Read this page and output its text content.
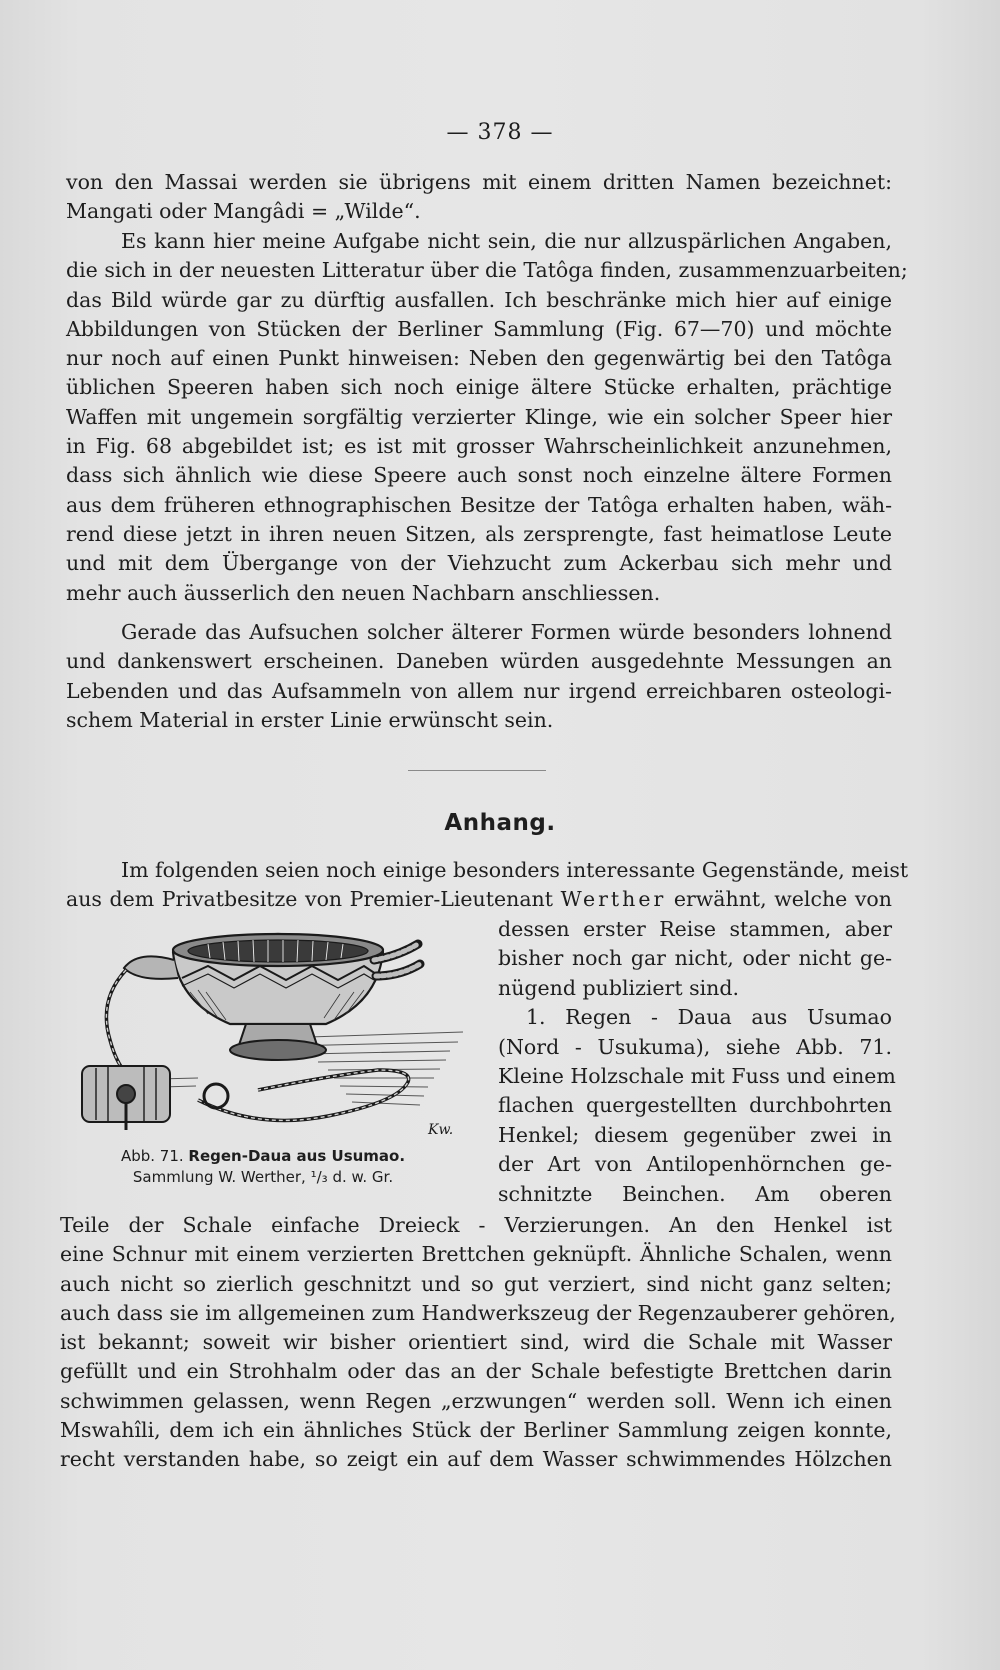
— 378 —
von den Massai werden sie übrigens mit einem dritten Namen bezeichnet:
Mangati oder Mangâdi = „Wilde“.
Es kann hier meine Aufgabe nicht sein, die nur allzuspärlichen Angaben,
die sich in der neuesten Litteratur über die Tatôga finden, zusammenzuarbeiten;
das Bild würde gar zu dürftig ausfallen. Ich beschränke mich hier auf einige
Abbildungen von Stücken der Berliner Sammlung (Fig. 67—70) und möchte
nur noch auf einen Punkt hinweisen: Neben den gegenwärtig bei den Tatôga
üblichen Speeren haben sich noch einige ältere Stücke erhalten, prächtige
Waffen mit ungemein sorgfältig verzierter Klinge, wie ein solcher Speer hier
in Fig. 68 abgebildet ist; es ist mit grosser Wahrscheinlichkeit anzunehmen,
dass sich ähnlich wie diese Speere auch sonst noch einzelne ältere Formen
aus dem früheren ethnographischen Besitze der Tatôga erhalten haben, wäh-
rend diese jetzt in ihren neuen Sitzen, als zersprengte, fast heimatlose Leute
und mit dem Übergange von der Viehzucht zum Ackerbau sich mehr und
mehr auch äusserlich den neuen Nachbarn anschliessen.
Gerade das Aufsuchen solcher älterer Formen würde besonders lohnend
und dankenswert erscheinen. Daneben würden ausgedehnte Messungen an
Lebenden und das Aufsammeln von allem nur irgend erreichbaren osteologi-
schem Material in erster Linie erwünscht sein.
Anhang.
Im folgenden seien noch einige besonders interessante Gegenstände, meist
aus dem Privatbesitze von Premier-Lieutenant Werther erwähnt, welche von
Kw.
Abb. 71. Regen-Daua aus Usumao.
Sammlung W. Werther, ¹/₃ d. w. Gr.
dessen erster Reise stammen, aber
bisher noch gar nicht, oder nicht ge-
nügend publiziert sind.
1. Regen - Daua aus Usumao
(Nord - Usukuma), siehe Abb. 71.
Kleine Holzschale mit Fuss und einem
flachen quergestellten durchbohrten
Henkel; diesem gegenüber zwei in
der Art von Antilopenhörnchen ge-
schnitzte Beinchen. Am oberen
Teile der Schale einfache Dreieck - Verzierungen. An den Henkel ist
eine Schnur mit einem verzierten Brettchen geknüpft. Ähnliche Schalen, wenn
auch nicht so zierlich geschnitzt und so gut verziert, sind nicht ganz selten;
auch dass sie im allgemeinen zum Handwerkszeug der Regenzauberer gehören,
ist bekannt; soweit wir bisher orientiert sind, wird die Schale mit Wasser
gefüllt und ein Strohhalm oder das an der Schale befestigte Brettchen darin
schwimmen gelassen, wenn Regen „erzwungen“ werden soll. Wenn ich einen
Mswahîli, dem ich ein ähnliches Stück der Berliner Sammlung zeigen konnte,
recht verstanden habe, so zeigt ein auf dem Wasser schwimmendes Hölzchen
